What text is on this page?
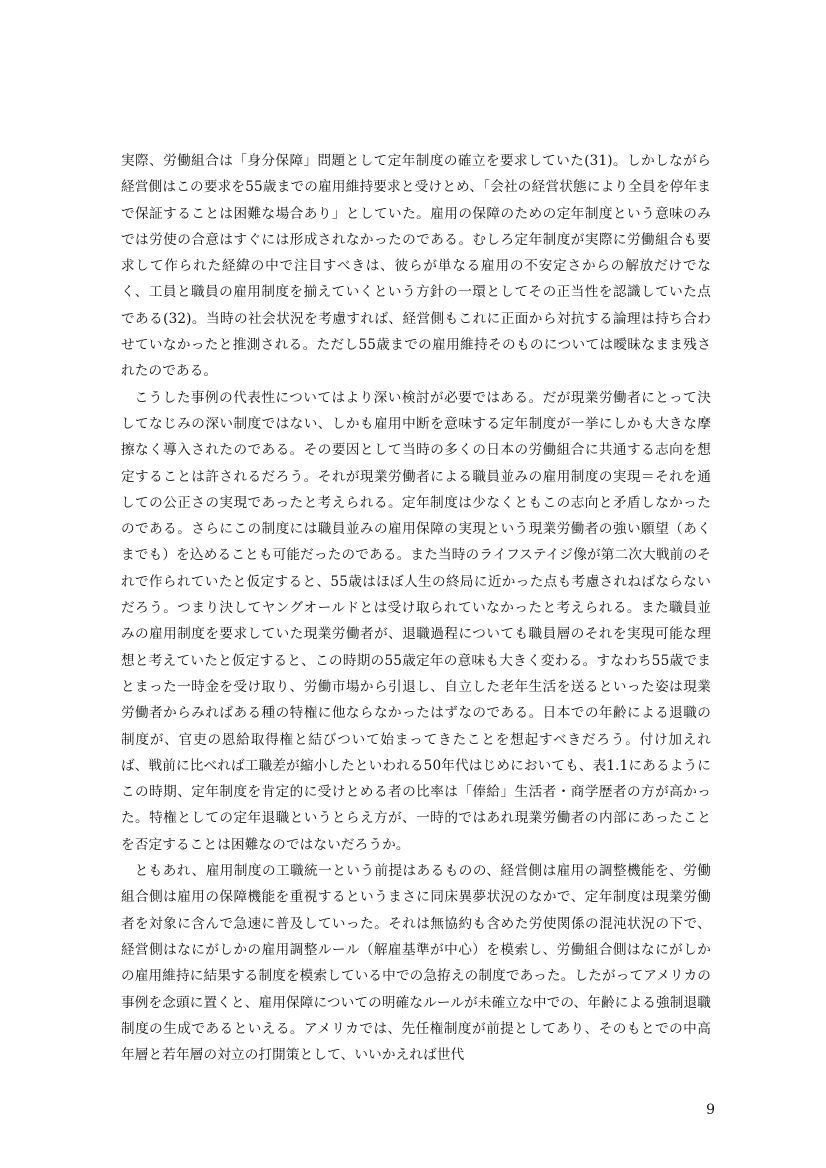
実際、労働組合は「身分保障」問題として定年制度の確立を要求していた(31)。しかしながら経営側はこの要求を55歳までの雇用維持要求と受けとめ、「会社の経営状態により全員を停年まで保証することは困難な場合あり」としていた。雇用の保障のための定年制度という意味のみでは労使の合意はすぐには形成されなかったのである。むしろ定年制度が実際に労働組合も要求して作られた経緯の中で注目すべきは、彼らが単なる雇用の不安定さからの解放だけでなく、工員と職員の雇用制度を揃えていくという方針の一環としてその正当性を認識していた点である(32)。当時の社会状況を考慮すれば、経営側もこれに正面から対抗する論理は持ち合わせていなかったと推測される。ただし55歳までの雇用維持そのものについては曖昧なまま残されたのである。

こうした事例の代表性についてはより深い検討が必要ではある。だが現業労働者にとって決してなじみの深い制度ではない、しかも雇用中断を意味する定年制度が一挙にしかも大きな摩擦なく導入されたのである。その要因として当時の多くの日本の労働組合に共通する志向を想定することは許されるだろう。それが現業労働者による職員並みの雇用制度の実現＝それを通しての公正さの実現であったと考えられる。定年制度は少なくともこの志向と矛盾しなかったのである。さらにこの制度には職員並みの雇用保障の実現という現業労働者の強い願望（あくまでも）を込めることも可能だったのである。また当時のライフステイジ像が第二次大戦前のそれで作られていたと仮定すると、55歳はほぼ人生の終局に近かった点も考慮されねばならないだろう。つまり決してヤングオールドとは受け取られていなかったと考えられる。また職員並みの雇用制度を要求していた現業労働者が、退職過程についても職員層のそれを実現可能な理想と考えていたと仮定すると、この時期の55歳定年の意味も大きく変わる。すなわち55歳でまとまった一時金を受け取り、労働市場から引退し、自立した老年生活を送るといった姿は現業労働者からみればある種の特権に他ならなかったはずなのである。日本での年齢による退職の制度が、官吏の恩給取得権と結びついて始まってきたことを想起すべきだろう。付け加えれば、戦前に比べれば工職差が縮小したといわれる50年代はじめにおいても、表1.1にあるようにこの時期、定年制度を肯定的に受けとめる者の比率は「俸給」生活者・商学歴者の方が高かった。特権としての定年退職というとらえ方が、一時的ではあれ現業労働者の内部にあったことを否定することは困難なのではないだろうか。

ともあれ、雇用制度の工職統一という前提はあるものの、経営側は雇用の調整機能を、労働組合側は雇用の保障機能を重視するというまさに同床異夢状況のなかで、定年制度は現業労働者を対象に含んで急速に普及していった。それは無協約も含めた労使関係の混沌状況の下で、経営側はなにがしかの雇用調整ルール（解雇基準が中心）を模索し、労働組合側はなにがしかの雇用維持に結果する制度を模索している中での急拵えの制度であった。したがってアメリカの事例を念頭に置くと、雇用保障についての明確なルールが未確立な中での、年齢による強制退職制度の生成であるといえる。アメリカでは、先任権制度が前提としてあり、そのもとでの中高年層と若年層の対立の打開策として、いいかえれば世代

9
